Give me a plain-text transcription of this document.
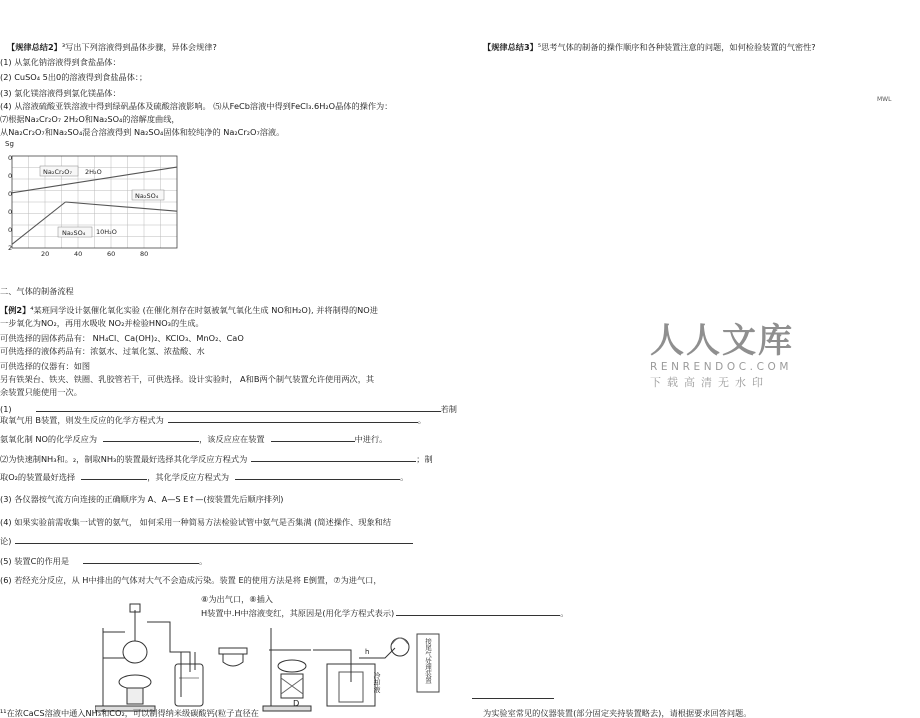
【规律总结3】⁵思考气体的制备的操作顺序和各种装置注意的问题，如何检验装置的气密性?
MWL
【规律总结2】³写出下列溶液得到晶体步骤，异体会规律?
(1) 从氯化钠溶液得到食盐晶体：
(2) CuSO₄ 5出0的溶液得到食盐晶体：；
(3) 氯化镁溶液得到氯化镁晶体：
(4) 从溶液硫酸亚铁溶液中得到绿矾晶体及硫酸溶液影响。 ⑸从FeCb溶液中得到FeCl₃.6H₂O晶体的操作为：
⑺根据Na₂Cr₂O₇ 2H₂O和Na₂SO₄的溶解度曲线，
从Na₂Cr₂O₇和Na₂SO₄混合溶液得到 Na₂SO₄固体和较纯净的 Na₂Cr₂O₇溶液。
Sg
0
0
0
0
0
2
20	40	60	80
Na₂Cr₂O₇ 2H₂O
Na₂SO₄
Na₂SO₄ 10H₂O
二、气体的制备流程
【例2】⁴某班同学设计氨催化氧化实验 (在催化剂存在时氨被氧气氧化生成 NO和H₂O), 并将制得的NO进
一步氧化为NO₂，再用水吸收 NO₂并检验HNO₃的生成。
可供选择的固体药品有： NH₄Cl、Ca(OH)₂、KClO₃、MnO₂、CaO
可供选择的液体药品有：浓氨水、过氧化氢、浓盐酸、水
可供选择的仪器有：如图
另有铁架台、铁夹、铁圈、乳胶管若干，可供选择。设计实验时， A和B两个制气装置允许使用两次，其
余装置只能使用一次。
(1)	若制
取氧气用 B装置，则发生反应的化学方程式为	。
氨氧化制 NO的化学反应为	，该反应应在装置	中进行。
⑵为快速制NH₃和。₂，制取NH₃的装置最好选择其化学反应方程式为	；制
取O₂的装置最好选择	，其化学反应方程式为	。
(3) 各仪器按气流方向连接的正确顺序为 A、A—S E↑—(按装置先后顺序排列)
(4) 如果实验前需收集一试管的氨气， 如何采用一种简易方法检验试管中氨气是否集满 (简述操作、现象和结
论)
(5) 装置C的作用是	。
(6) 若经充分反应，从 H中排出的气体对大气不会造成污染。装置 E的使用方法是将 E倒置，⑦为进气口，
⑧为出气口，⑧插入
H装置中.H中溶液变红，其原因是(用化学方程式表示)	。
h
冷却液	接尾气处理装置
¹¹在浓CaCS溶液中通入NH₃和CO₂，可以制得纳米级碳酸钙(粒子直径在
D
为实验室常见的仪器装置(部分固定夹持装置略去)，请根据要求回答问题。
人人文库
RENRENDOC.COM
下载高清无水印
